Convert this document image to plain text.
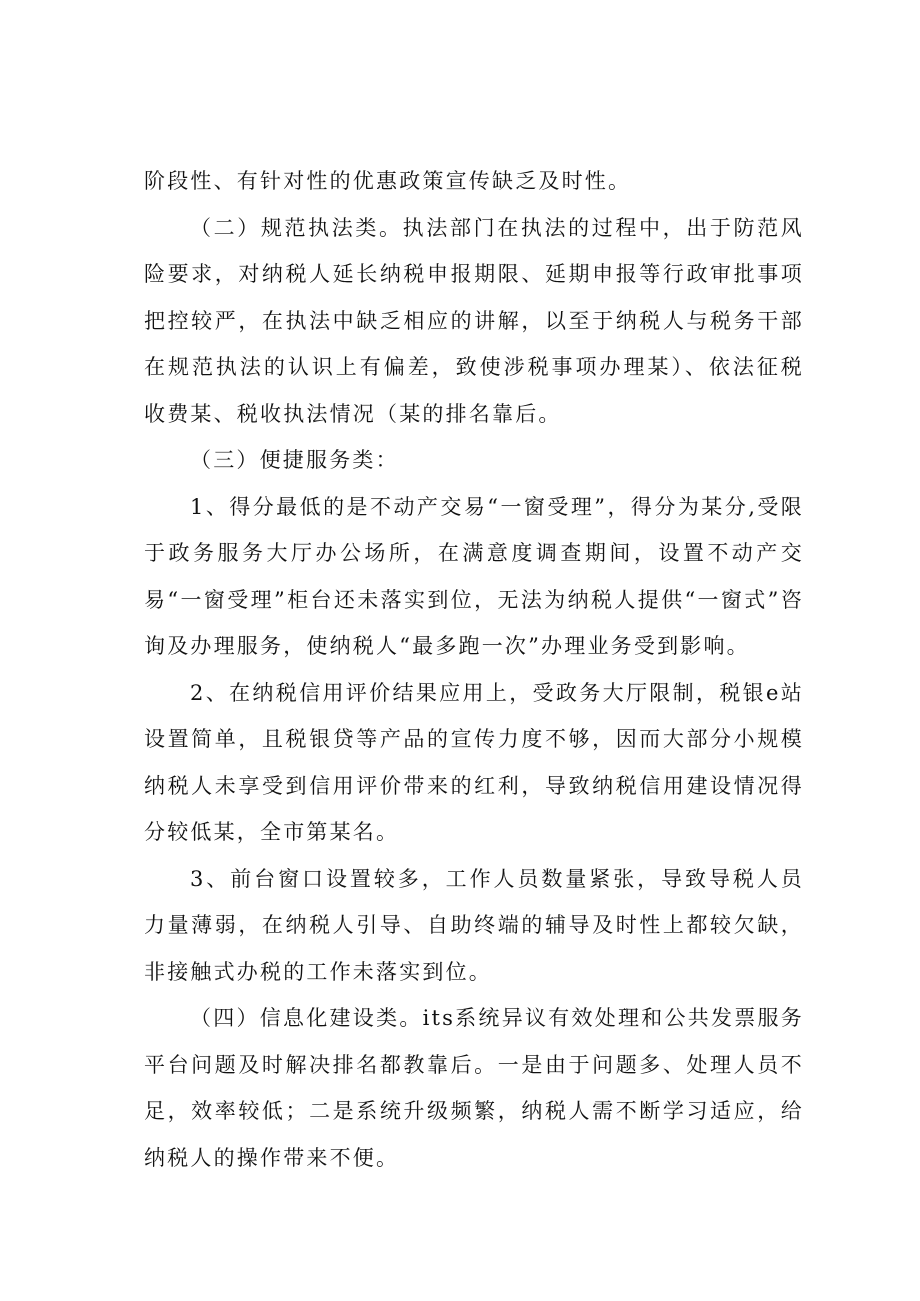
阶段性、有针对性的优惠政策宣传缺乏及时性。

（二）规范执法类。执法部门在执法的过程中，出于防范风险要求，对纳税人延长纳税申报期限、延期申报等行政审批事项把控较严，在执法中缺乏相应的讲解，以至于纳税人与税务干部在规范执法的认识上有偏差，致使涉税事项办理某）、依法征税收费某、税收执法情况（某的排名靠后。

（三）便捷服务类：

1、得分最低的是不动产交易“一窗受理”，得分为某分,受限于政务服务大厅办公场所，在满意度调查期间，设置不动产交易“一窗受理”柜台还未落实到位，无法为纳税人提供“一窗式”咨询及办理服务，使纳税人“最多跑一次”办理业务受到影响。

2、在纳税信用评价结果应用上，受政务大厅限制，税银e站设置简单，且税银贷等产品的宣传力度不够，因而大部分小规模纳税人未享受到信用评价带来的红利，导致纳税信用建设情况得分较低某，全市第某名。

3、前台窗口设置较多，工作人员数量紧张，导致导税人员力量薄弱，在纳税人引导、自助终端的辅导及时性上都较欠缺，非接触式办税的工作未落实到位。

（四）信息化建设类。its系统异议有效处理和公共发票服务平台问题及时解决排名都教靠后。一是由于问题多、处理人员不足，效率较低；二是系统升级频繁，纳税人需不断学习适应，给纳税人的操作带来不便。
